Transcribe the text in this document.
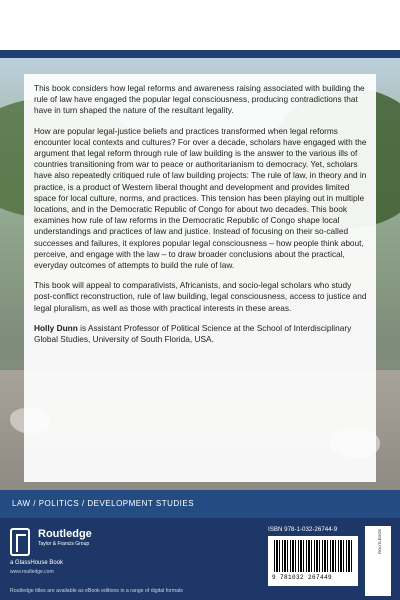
This book considers how legal reforms and awareness raising associated with building the rule of law have engaged the popular legal consciousness, producing contradictions that have in turn shaped the nature of the resultant legality.

How are popular legal-justice beliefs and practices transformed when legal reforms encounter local contexts and cultures? For over a decade, scholars have engaged with the argument that legal reform through rule of law building is the answer to the various ills of countries transitioning from war to peace or authoritarianism to democracy. Yet, scholars have also repeatedly critiqued rule of law building projects: The rule of law, in theory and in practice, is a product of Western liberal thought and development and provides limited space for local culture, norms, and practices. This tension has been playing out in multiple locations, and in the Democratic Republic of Congo for about two decades. This book examines how rule of law reforms in the Democratic Republic of Congo shape local understandings and practices of law and justice. Instead of focusing on their so-called successes and failures, it explores popular legal consciousness – how people think about, perceive, and engage with the law – to draw broader conclusions about the practical, everyday outcomes of attempts to build the rule of law.

This book will appeal to comparativists, Africanists, and socio-legal scholars who study post-conflict reconstruction, rule of law building, legal consciousness, access to justice and legal pluralism, as well as those with practical interests in these areas.

Holly Dunn is Assistant Professor of Political Science at the School of Interdisciplinary Global Studies, University of South Florida, USA.

LAW / POLITICS / DEVELOPMENT STUDIES
Routledge
Taylor & Francis Group
a GlassHouse Book
www.routledge.com
Routledge titles are available as eBook editions in a range of digital formats
ISBN 978-1-032-26744-9
9 781032 267449
ROUTLEDGE
